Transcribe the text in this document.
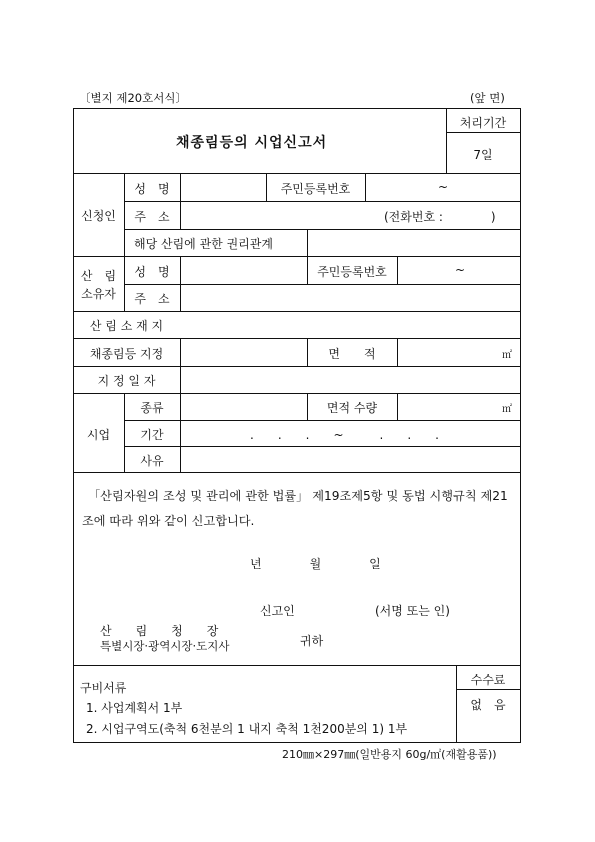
〔별지 제20호서식〕	(앞 면)
채종림등의 시업신고서
처리기간
7일
신청인
성　명	주민등록번호	~
주　소	(전화번호 :　　　　)
해당 산림에 관한 권리관계
산　림
소유자
성　명	주민등록번호	~
주　소
산 림 소 재 지
채종림등 지정	면　　적	㎡
지 정 일 자
시업
종류	면적 수량	㎡
기간	.　　.　　.　　~　　　.　　.　　.
사유
「산림자원의 조성 및 관리에 관한 법률」 제19조제5항 및 동법 시행규칙 제21조에 따라 위와 같이 신고합니다.
년　　　　월　　　　일
신고인	(서명 또는 인)
산　　림　　청　　장
특별시장·광역시장·도지사	귀하
구비서류
1. 사업계획서 1부
2. 시업구역도(축척 6천분의 1 내지 축척 1천200분의 1) 1부
수수료
없　음
210㎜×297㎜(일반용지 60g/㎡(재활용품))
